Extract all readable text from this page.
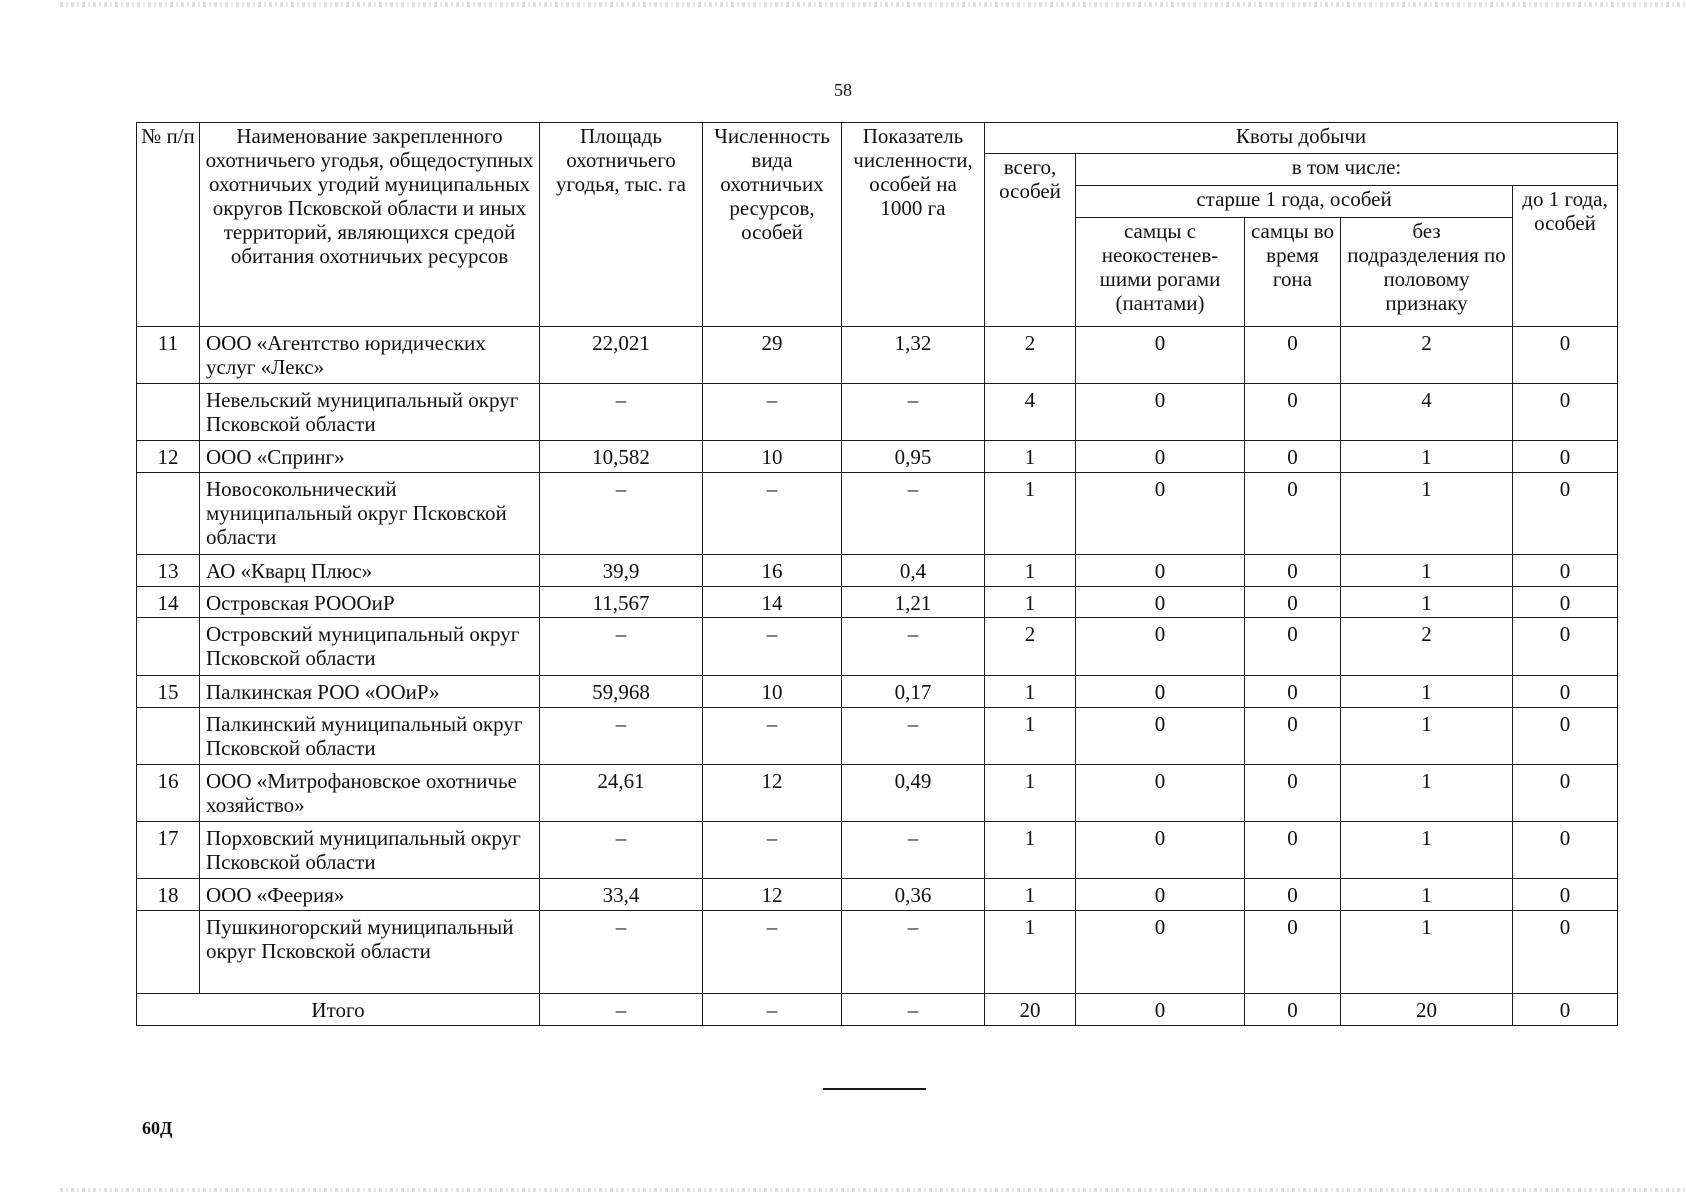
58
№ п/п	Наименование закрепленного охотничьего угодья, общедоступных охотничьих угодий муниципальных округов Псковской области и иных территорий, являющихся средой обитания охотничьих ресурсов	Площадь охотничьего угодья, тыс. га	Численность вида охотничьих ресурсов, особей	Показатель численности, особей на 1000 га	Квоты добычи				
					всего, особей	в том числе:			
						старше 1 года, особей			до 1 года, особей
						самцы с неокостенев-шими рогами (пантами)	самцы во время гона	без подразделения по половому признаку	
11	ООО «Агентство юридических услуг «Лекс»	22,021	29	1,32	2	0	0	2	0
	Невельский муниципальный округ Псковской области	–	–	–	4	0	0	4	0
12	ООО «Спринг»	10,582	10	0,95	1	0	0	1	0
	Новосокольнический муниципальный округ Псковской области	–	–	–	1	0	0	1	0
13	АО «Кварц Плюс»	39,9	16	0,4	1	0	0	1	0
14	Островская РОООиР	11,567	14	1,21	1	0	0	1	0
	Островский муниципальный округ Псковской области	–	–	–	2	0	0	2	0
15	Палкинская РОО «ООиР»	59,968	10	0,17	1	0	0	1	0
	Палкинский муниципальный округ Псковской области	–	–	–	1	0	0	1	0
16	ООО «Митрофановское охотничье хозяйство»	24,61	12	0,49	1	0	0	1	0
17	Порховский муниципальный округ Псковской области	–	–	–	1	0	0	1	0
18	ООО «Феерия»	33,4	12	0,36	1	0	0	1	0
	Пушкиногорский муниципальный округ Псковской области	–	–	–	1	0	0	1	0
Итого		–	–	–	20	0	0	20	0
60Д
